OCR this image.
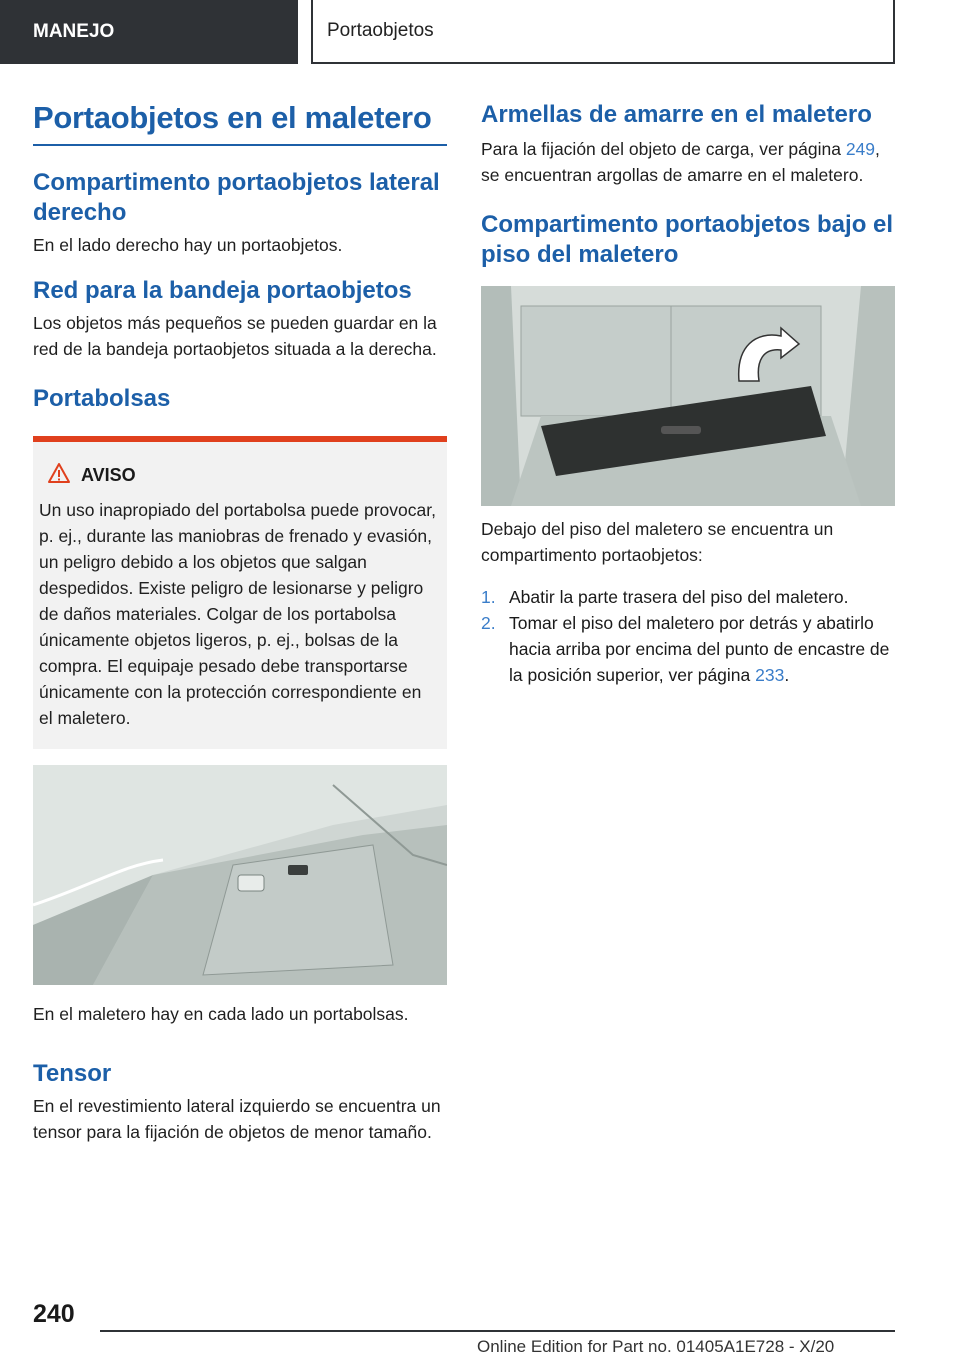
MANEJO	Portaobjetos
Portaobjetos en el maletero
Compartimento portaobjetos lateral derecho

En el lado derecho hay un portaobjetos.

Red para la bandeja portaobjetos

Los objetos más pequeños se pueden guardar en la red de la bandeja portaobjetos situada a la derecha.

Portabolsas
AVISO

Un uso inapropiado del portabolsa puede provocar, p. ej., durante las maniobras de frenado y evasión, un peligro debido a los objetos que salgan despedidos. Existe peligro de lesionarse y peligro de daños materiales. Colgar de los portabolsa únicamente objetos ligeros, p. ej., bolsas de la compra. El equipaje pesado debe transportarse únicamente con la protección correspondiente en el maletero.

En el maletero hay en cada lado un portabolsas.

Tensor

En el revestimiento lateral izquierdo se encuentra un tensor para la fijación de objetos de menor tamaño.

Armellas de amarre en el maletero

Para la fijación del objeto de carga, ver página 249, se encuentran argollas de amarre en el maletero.

Compartimento portaobjetos bajo el piso del maletero

Debajo del piso del maletero se encuentra un compartimento portaobjetos:

1. Abatir la parte trasera del piso del maletero.
2. Tomar el piso del maletero por detrás y abatirlo hacia arriba por encima del punto de encastre de la posición superior, ver página 233.
240
Online Edition for Part no. 01405A1E728 - X/20
